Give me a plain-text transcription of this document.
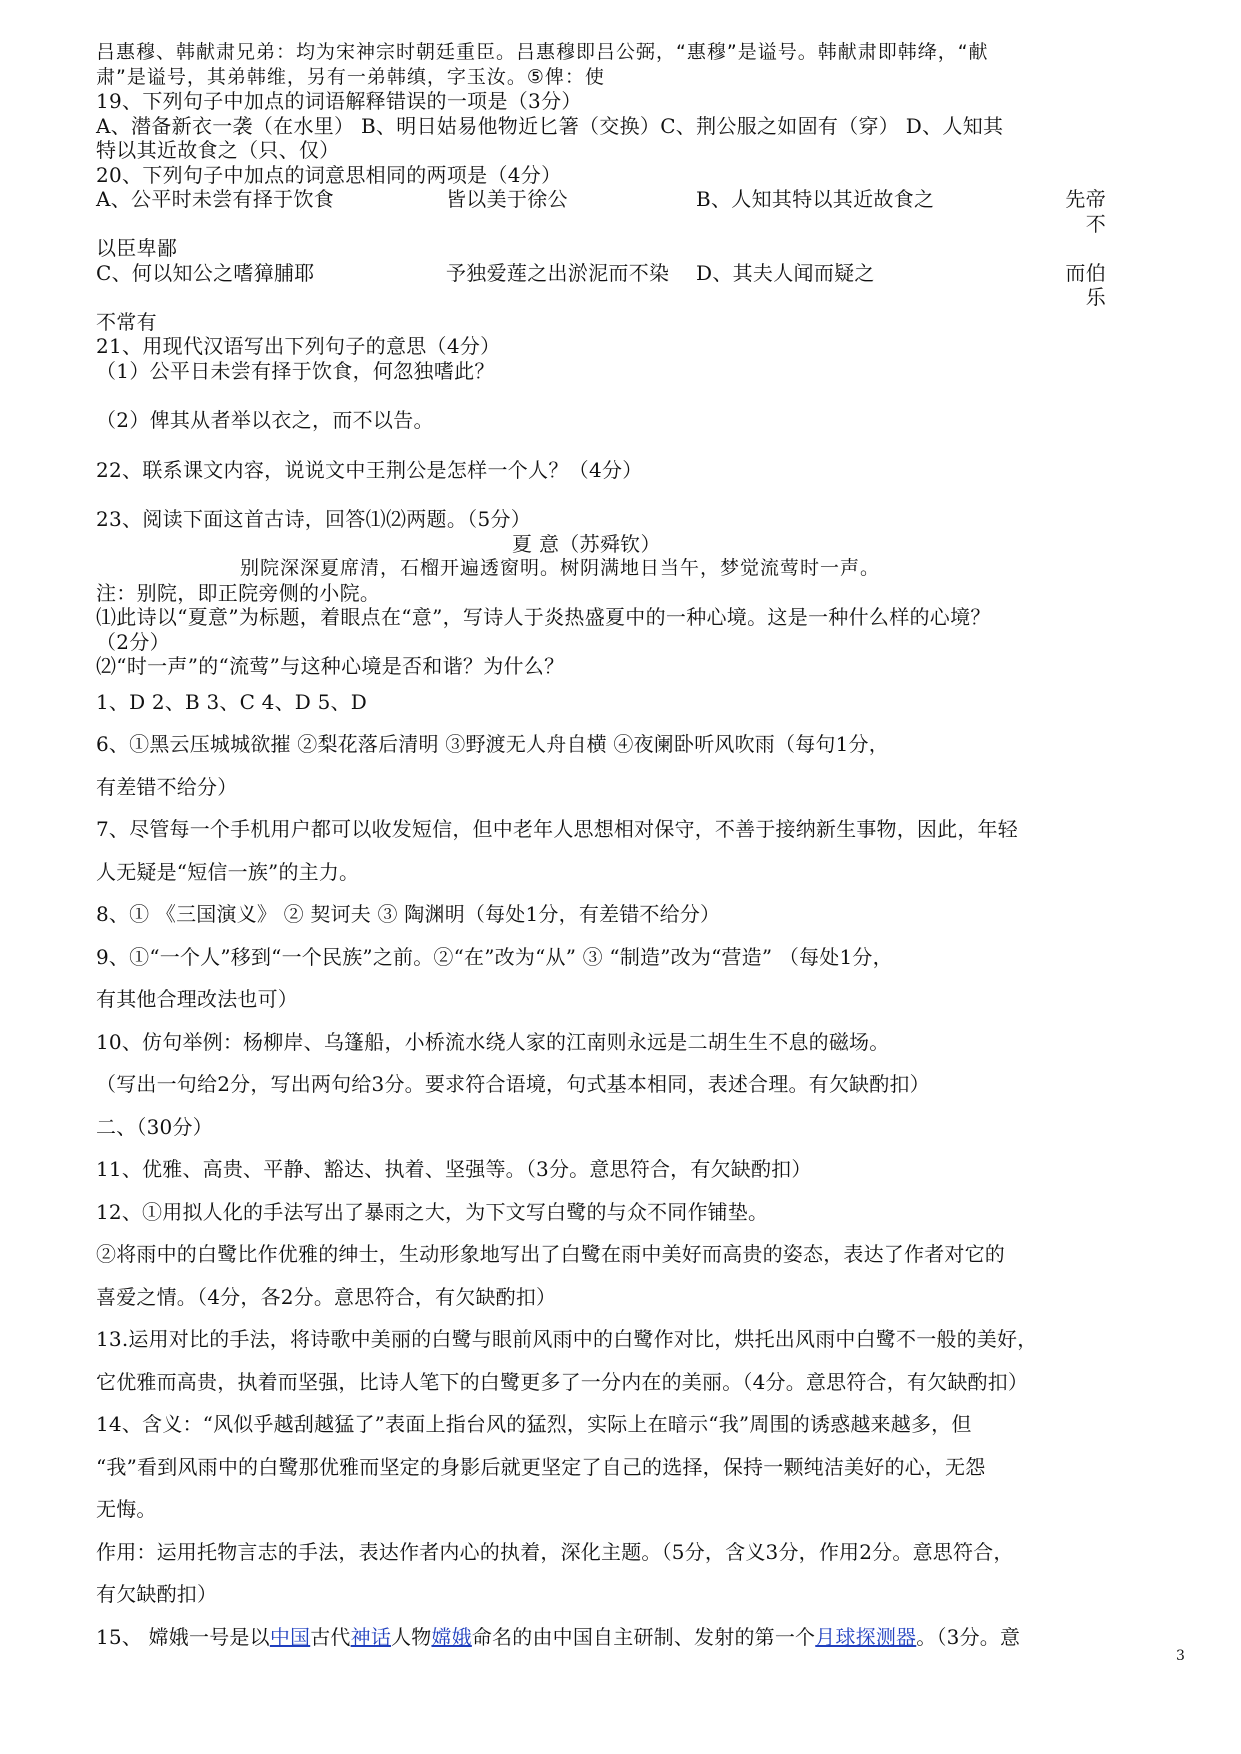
吕惠穆、韩献肃兄弟：均为宋神宗时朝廷重臣。吕惠穆即吕公弼，“惠穆”是谥号。韩献肃即韩绛，“献

肃”是谥号，其弟韩维，另有一弟韩缜，字玉汝。⑤俾：使

19、下列句子中加点的词语解释错误的一项是（3分）

A、潜备新衣一袭（在水里） B、明日姑易他物近匕箸（交换）C、荆公服之如固有（穿） D、人知其

特以其近故食之（只、仅）

20、下列句子中加点的词意思相同的两项是（4分）

A、公平时未尝有择于饮食	皆以美于徐公	B、人知其特以其近故食之	先帝不

以臣卑鄙

C、何以知公之嗜獐脯耶	予独爱莲之出淤泥而不染	D、其夫人闻而疑之	而伯乐

不常有

21、用现代汉语写出下列句子的意思（4分）

（1）公平日未尝有择于饮食，何忽独嗜此？

（2）俾其从者举以衣之，而不以告。

22、联系课文内容，说说文中王荆公是怎样一个人？（4分）

23、阅读下面这首古诗，回答⑴⑵两题。（5分）

夏 意（苏舜钦）

别院深深夏席清，石榴开遍透窗明。树阴满地日当午，梦觉流莺时一声。

注：别院，即正院旁侧的小院。

⑴此诗以“夏意”为标题，着眼点在“意”，写诗人于炎热盛夏中的一种心境。这是一种什么样的心境？

（2分）

⑵“时一声”的“流莺”与这种心境是否和谐？为什么？

1、D 2、B 3、C 4、D 5、D

6、①黑云压城城欲摧 ②梨花落后清明 ③野渡无人舟自横 ④夜阑卧听风吹雨（每句1分，

有差错不给分）

7、尽管每一个手机用户都可以收发短信，但中老年人思想相对保守，不善于接纳新生事物，因此，年轻

人无疑是“短信一族”的主力。

8、① 《三国演义》 ② 契诃夫 ③ 陶渊明（每处1分，有差错不给分）

9、①“一个人”移到“一个民族”之前。②“在”改为“从” ③ “制造”改为“营造” （每处1分，

有其他合理改法也可）

10、仿句举例：杨柳岸、乌篷船，小桥流水绕人家的江南则永远是二胡生生不息的磁场。

（写出一句给2分，写出两句给3分。要求符合语境，句式基本相同，表述合理。有欠缺酌扣）

二、（30分）

11、优雅、高贵、平静、豁达、执着、坚强等。（3分。意思符合，有欠缺酌扣）

12、①用拟人化的手法写出了暴雨之大，为下文写白鹭的与众不同作铺垫。

②将雨中的白鹭比作优雅的绅士，生动形象地写出了白鹭在雨中美好而高贵的姿态，表达了作者对它的

喜爱之情。（4分，各2分。意思符合，有欠缺酌扣）

13.运用对比的手法，将诗歌中美丽的白鹭与眼前风雨中的白鹭作对比，烘托出风雨中白鹭不一般的美好，

它优雅而高贵，执着而坚强，比诗人笔下的白鹭更多了一分内在的美丽。（4分。意思符合，有欠缺酌扣）

14、含义：“风似乎越刮越猛了”表面上指台风的猛烈，实际上在暗示“我”周围的诱惑越来越多，但

“我”看到风雨中的白鹭那优雅而坚定的身影后就更坚定了自己的选择，保持一颗纯洁美好的心，无怨

无悔。

作用：运用托物言志的手法，表达作者内心的执着，深化主题。（5分，含义3分，作用2分。意思符合，

有欠缺酌扣）

15、 嫦娥一号是以中国古代神话人物嫦娥命名的由中国自主研制、发射的第一个月球探测器。（3分。意

3
